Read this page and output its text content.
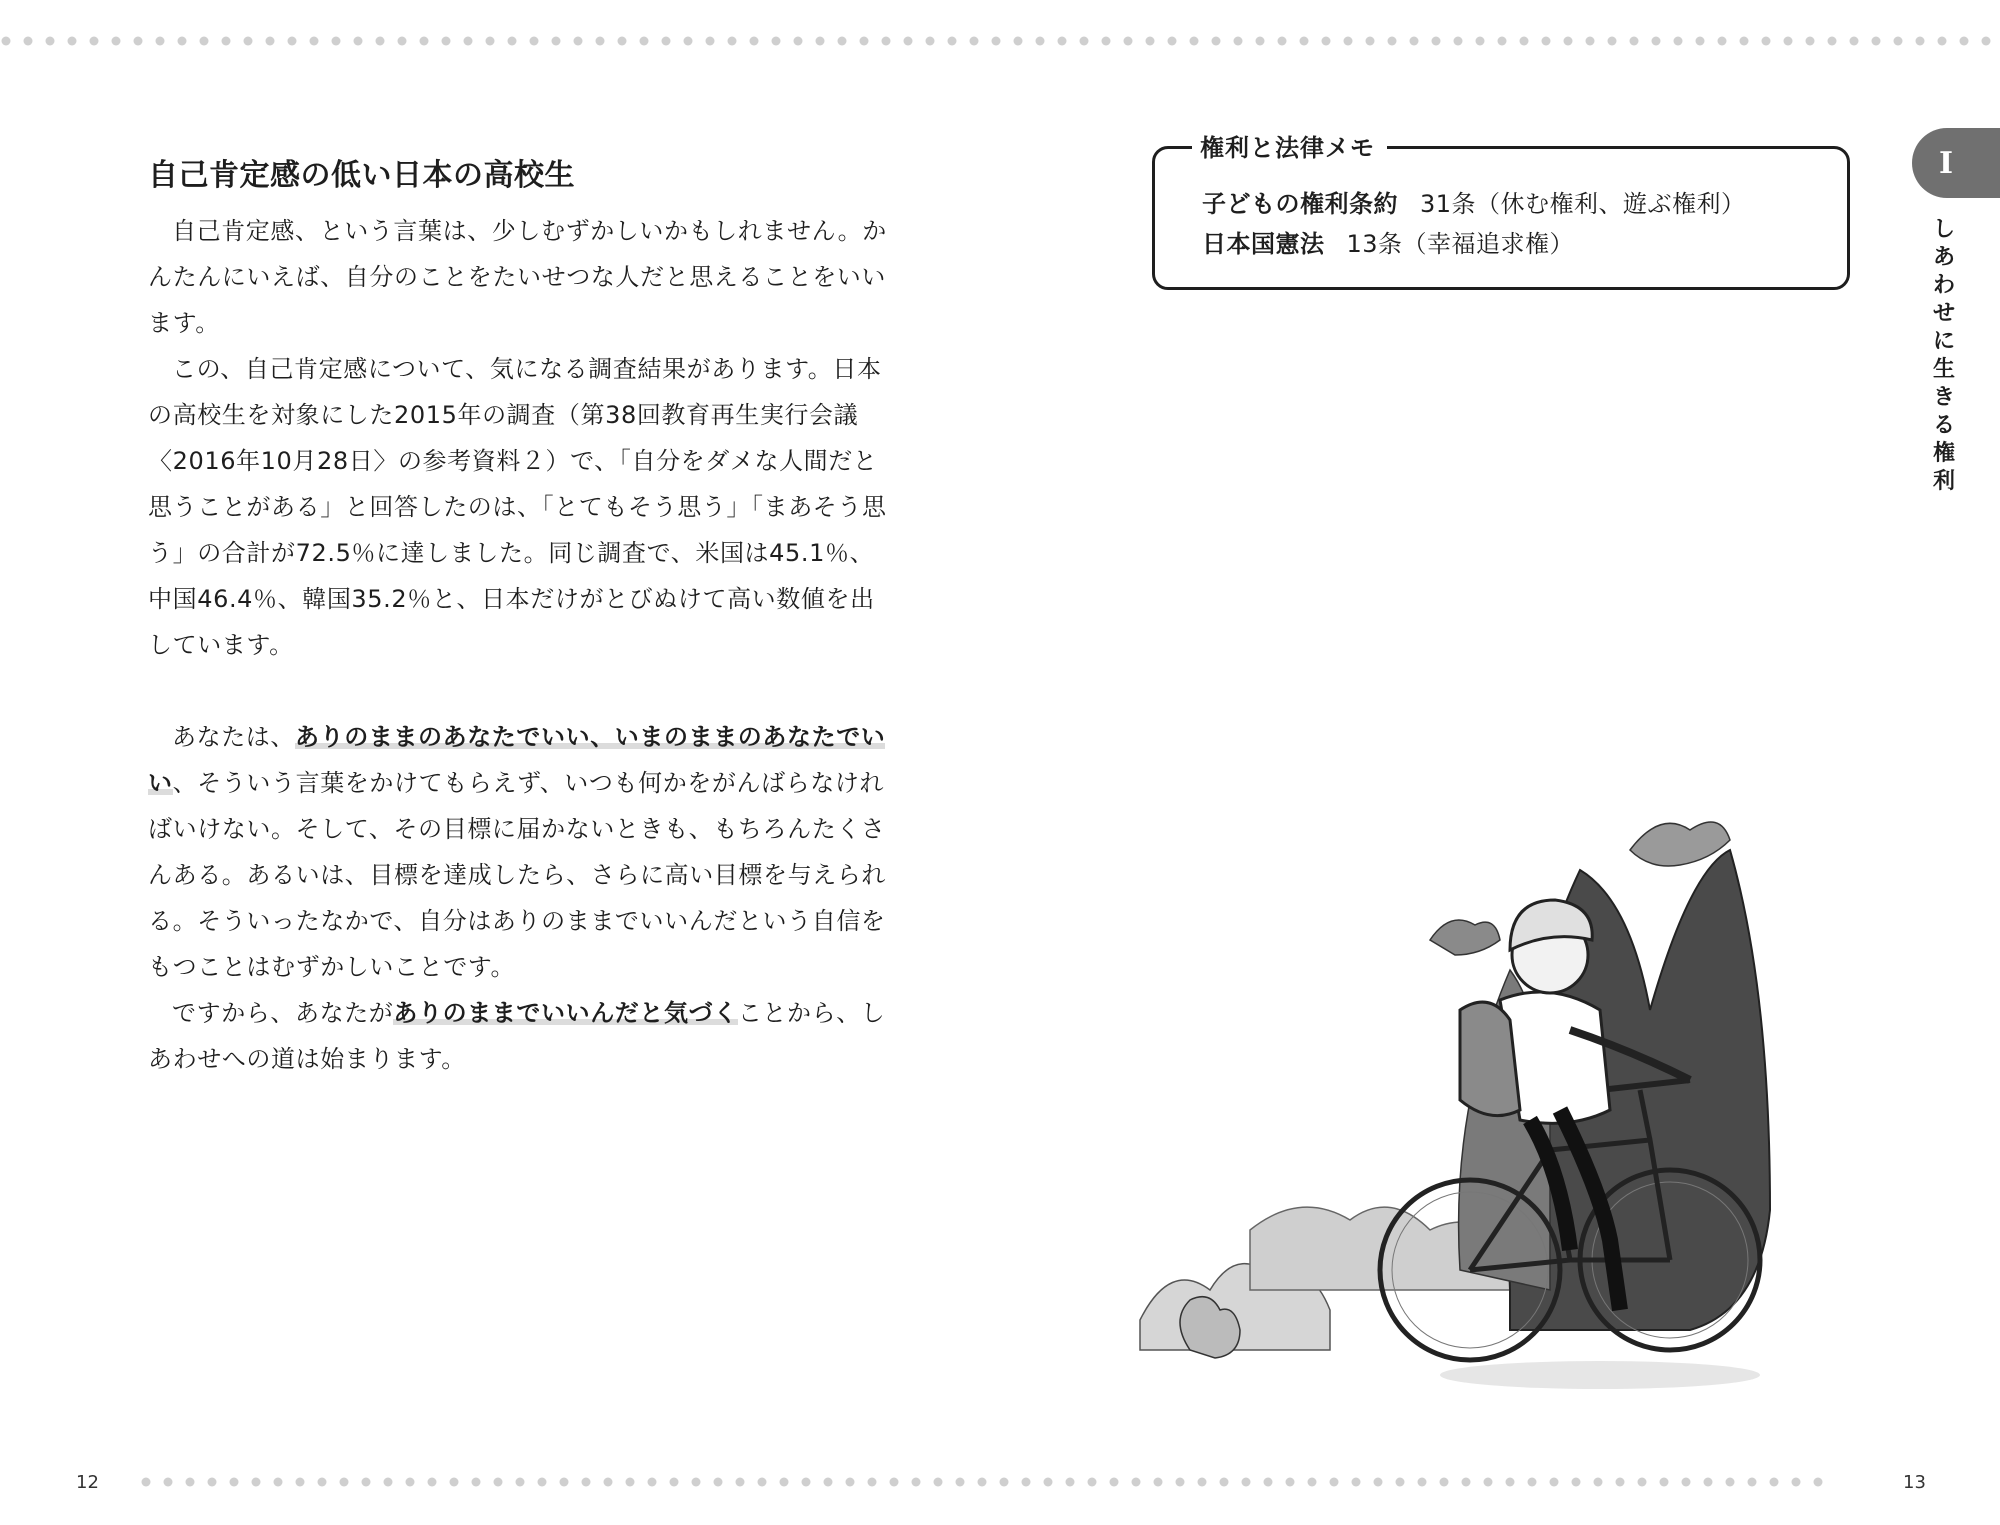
12	13
自己肯定感の低い日本の高校生

自己肯定感、という言葉は、少しむずかしいかもしれません。かんたんにいえば、自分のことをたいせつな人だと思えることをいいます。

この、自己肯定感について、気になる調査結果があります。日本の高校生を対象にした2015年の調査（第38回教育再生実行会議〈2016年10月28日〉の参考資料２）で、「自分をダメな人間だと思うことがある」と回答したのは、「とてもそう思う」「まあそう思う」の合計が72.5％に達しました。同じ調査で、米国は45.1％、中国46.4％、韓国35.2％と、日本だけがとびぬけて高い数値を出しています。

あなたは、ありのままのあなたでいい、いまのままのあなたでいい、そういう言葉をかけてもらえず、いつも何かをがんばらなければいけない。そして、その目標に届かないときも、もちろんたくさんある。あるいは、目標を達成したら、さらに高い目標を与えられる。そういったなかで、自分はありのままでいいんだという自信をもつことはむずかしいことです。

ですから、あなたがありのままでいいんだと気づくことから、しあわせへの道は始まります。

権利と法律メモ
子どもの権利条約 31条（休む権利、遊ぶ権利）
日本国憲法 13条（幸福追求権）
I
しあわせに生きる権利
